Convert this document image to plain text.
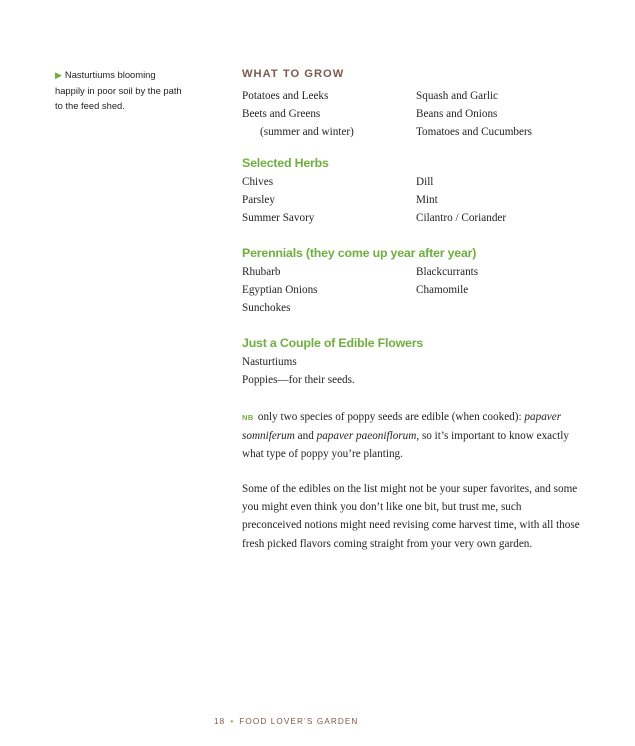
▶ Nasturtiums blooming happily in poor soil by the path to the feed shed.
WHAT TO GROW
Potatoes and Leeks	Squash and Garlic
Beets and Greens	Beans and Onions
(summer and winter)	Tomatoes and Cucumbers
Selected Herbs
Chives	Dill
Parsley	Mint
Summer Savory	Cilantro / Coriander
Perennials (they come up year after year)
Rhubarb	Blackcurrants
Egyptian Onions	Chamomile
Sunchokes
Just a Couple of Edible Flowers
Nasturtiums
Poppies—for their seeds.

NB only two species of poppy seeds are edible (when cooked): papaver somniferum and papaver paeoniflorum, so it’s important to know exactly what type of poppy you’re planting.

Some of the edibles on the list might not be your super favorites, and some you might even think you don’t like one bit, but trust me, such preconceived notions might need revising come harvest time, with all those fresh picked flavors coming straight from your very own garden.

18 • FOOD LOVER’S GARDEN
